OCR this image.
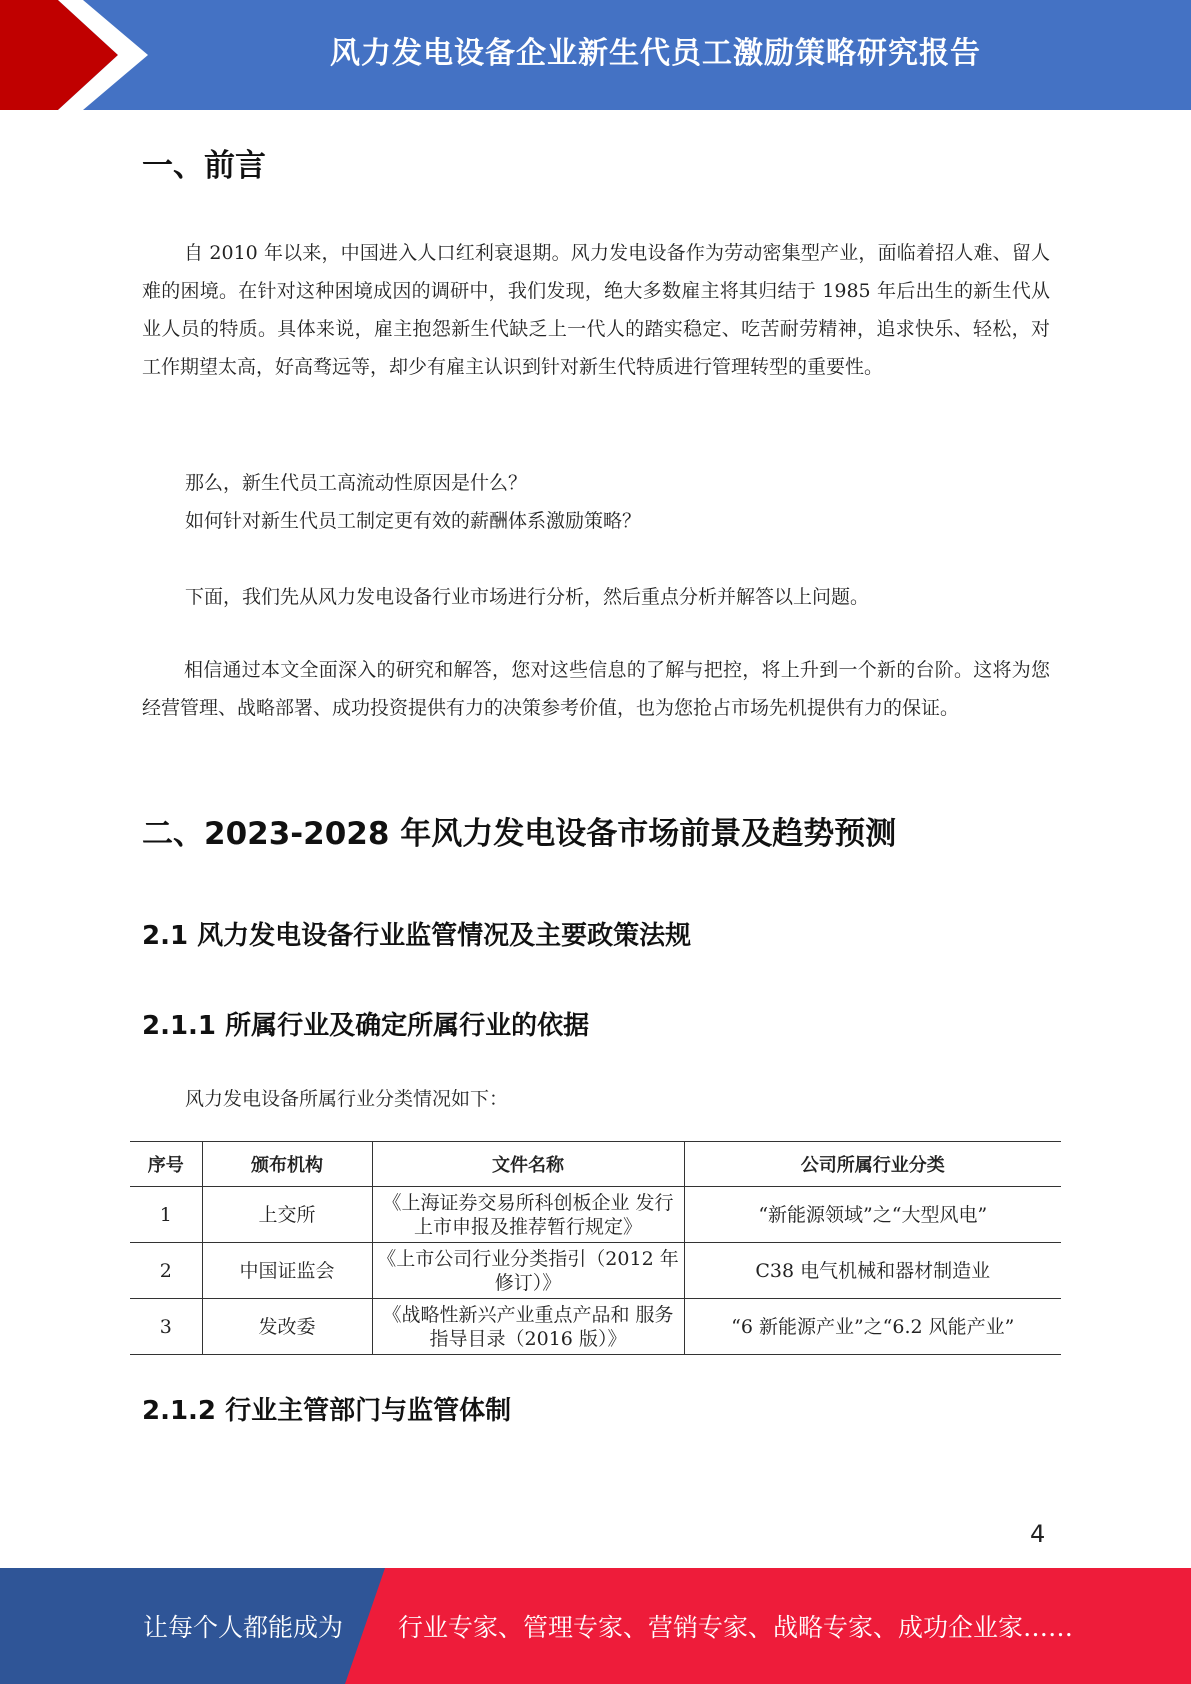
风力发电设备企业新生代员工激励策略研究报告
一、前言
自 2010 年以来，中国进入人口红利衰退期。风力发电设备作为劳动密集型产业，面临着招人难、留人难的困境。在针对这种困境成因的调研中，我们发现，绝大多数雇主将其归结于 1985 年后出生的新生代从业人员的特质。具体来说，雇主抱怨新生代缺乏上一代人的踏实稳定、吃苦耐劳精神，追求快乐、轻松，对工作期望太高，好高骛远等，却少有雇主认识到针对新生代特质进行管理转型的重要性。
那么，新生代员工高流动性原因是什么？
如何针对新生代员工制定更有效的薪酬体系激励策略？
下面，我们先从风力发电设备行业市场进行分析，然后重点分析并解答以上问题。
相信通过本文全面深入的研究和解答，您对这些信息的了解与把控，将上升到一个新的台阶。这将为您经营管理、战略部署、成功投资提供有力的决策参考价值，也为您抢占市场先机提供有力的保证。
二、2023-2028 年风力发电设备市场前景及趋势预测
2.1 风力发电设备行业监管情况及主要政策法规
2.1.1 所属行业及确定所属行业的依据
风力发电设备所属行业分类情况如下：
序号	颁布机构	文件名称	公司所属行业分类
1	上交所	《上海证券交易所科创板企业 发行上市申报及推荐暂行规定》	“新能源领域”之“大型风电”
2	中国证监会	《上市公司行业分类指引（2012 年修订）》	C38 电气机械和器材制造业
3	发改委	《战略性新兴产业重点产品和 服务指导目录（2016 版）》	“6 新能源产业”之“6.2 风能产业”
2.1.2 行业主管部门与监管体制
4
让每个人都能成为 行业专家、管理专家、营销专家、战略专家、成功企业家……
